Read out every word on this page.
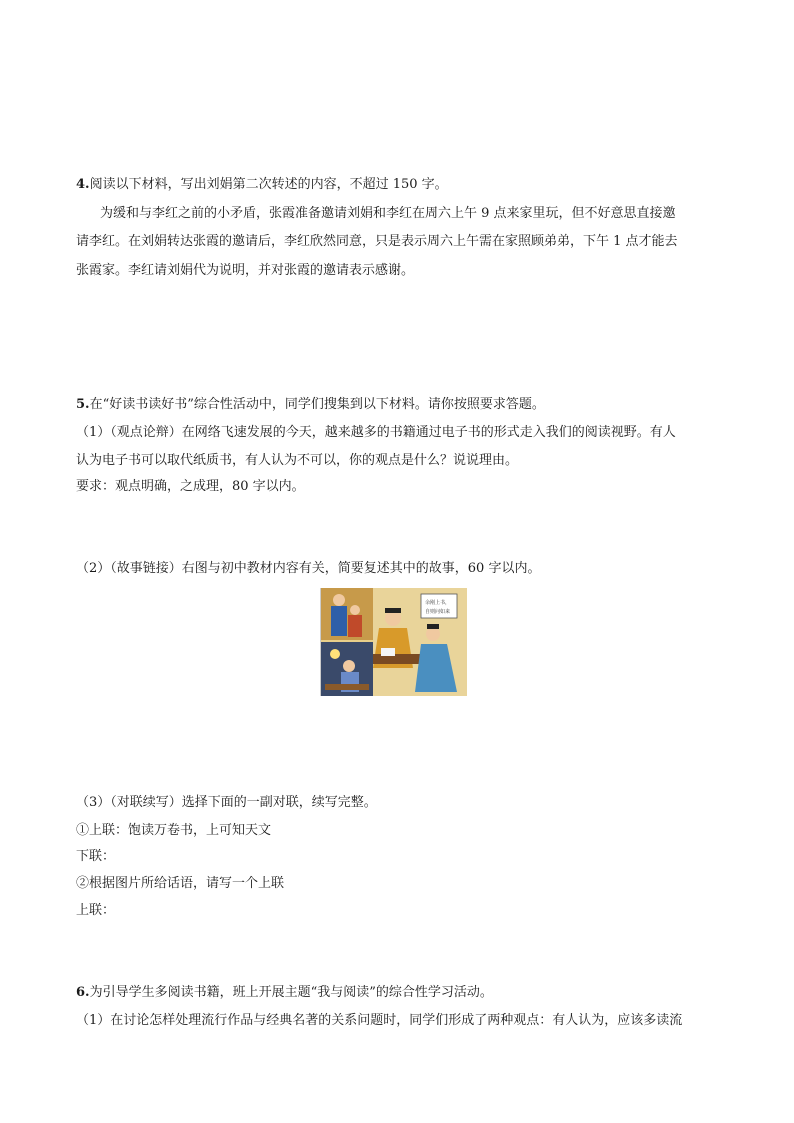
4.阅读以下材料，写出刘娟第二次转述的内容，不超过 150 字。
为缓和与李红之前的小矛盾，张霞准备邀请刘娟和李红在周六上午 9 点来家里玩，但不好意思直接邀
请李红。在刘娟转达张霞的邀请后，李红欣然同意，只是表示周六上午需在家照顾弟弟，下午 1 点才能去
张霞家。李红请刘娟代为说明，并对张霞的邀请表示感谢。
5.在“好读书读好书”综合性活动中，同学们搜集到以下材料。请你按照要求答题。
（1）（观点论辩）在网络飞速发展的今天，越来越多的书籍通过电子书的形式走入我们的阅读视野。有人
认为电子书可以取代纸质书，有人认为不可以，你的观点是什么？说说理由。
要求：观点明确，之成理，80 字以内。
（2）（故事链接）右图与初中教材内容有关，简要复述其中的故事，60 字以内。
余刚上书，
自则问如来
（3）（对联续写）选择下面的一副对联，续写完整。
①上联：饱读万卷书，上可知天文
下联：
②根据图片所给话语，请写一个上联
上联：
6.为引导学生多阅读书籍，班上开展主题“我与阅读”的综合性学习活动。
（1）在讨论怎样处理流行作品与经典名著的关系问题时，同学们形成了两种观点：有人认为，应该多读流
